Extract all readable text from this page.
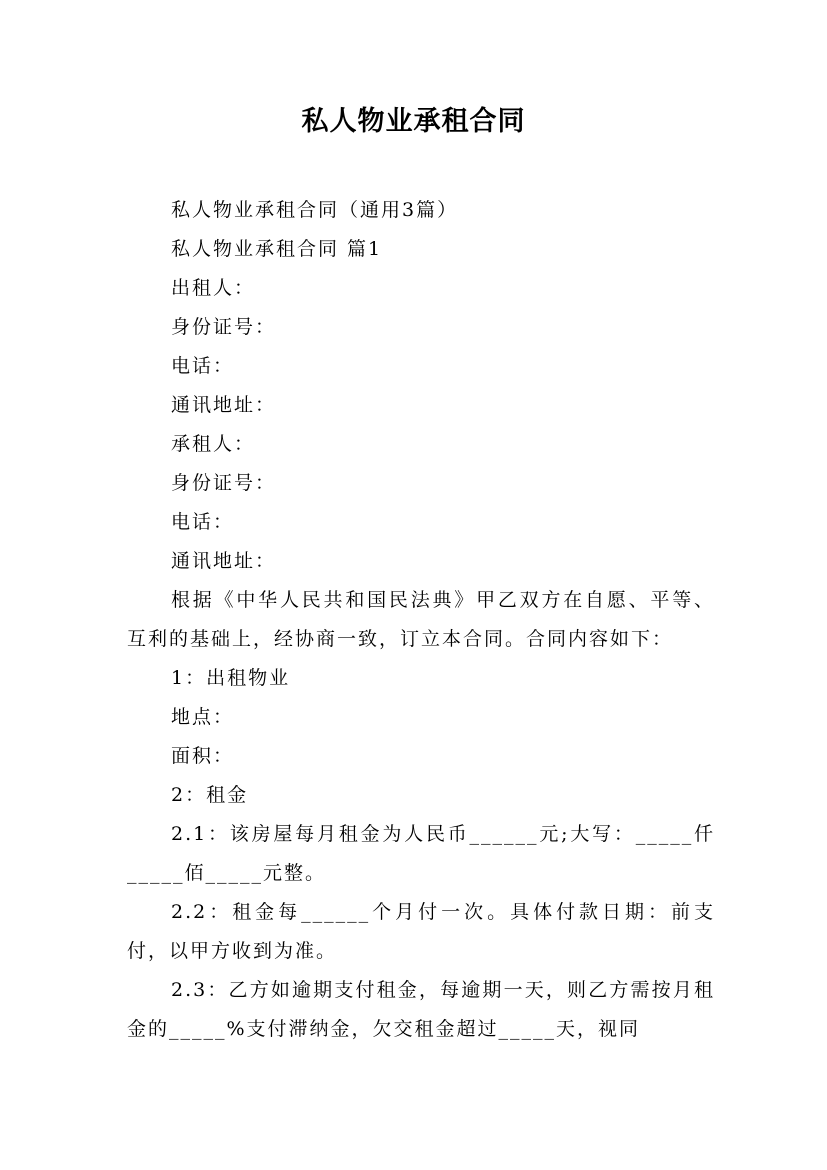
私人物业承租合同
私人物业承租合同（通用3篇）
私人物业承租合同 篇1
出租人：
身份证号：
电话：
通讯地址：
承租人：
身份证号：
电话：
通讯地址：
根据《中华人民共和国民法典》甲乙双方在自愿、平等、互利的基础上，经协商一致，订立本合同。合同内容如下：
1：出租物业
地点：
面积：
2：租金
2.1：该房屋每月租金为人民币______元;大写：_____仟_____佰_____元整。
2.2：租金每______个月付一次。具体付款日期：前支付，以甲方收到为准。
2.3：乙方如逾期支付租金，每逾期一天，则乙方需按月租金的_____%支付滞纳金，欠交租金超过_____天，视同
